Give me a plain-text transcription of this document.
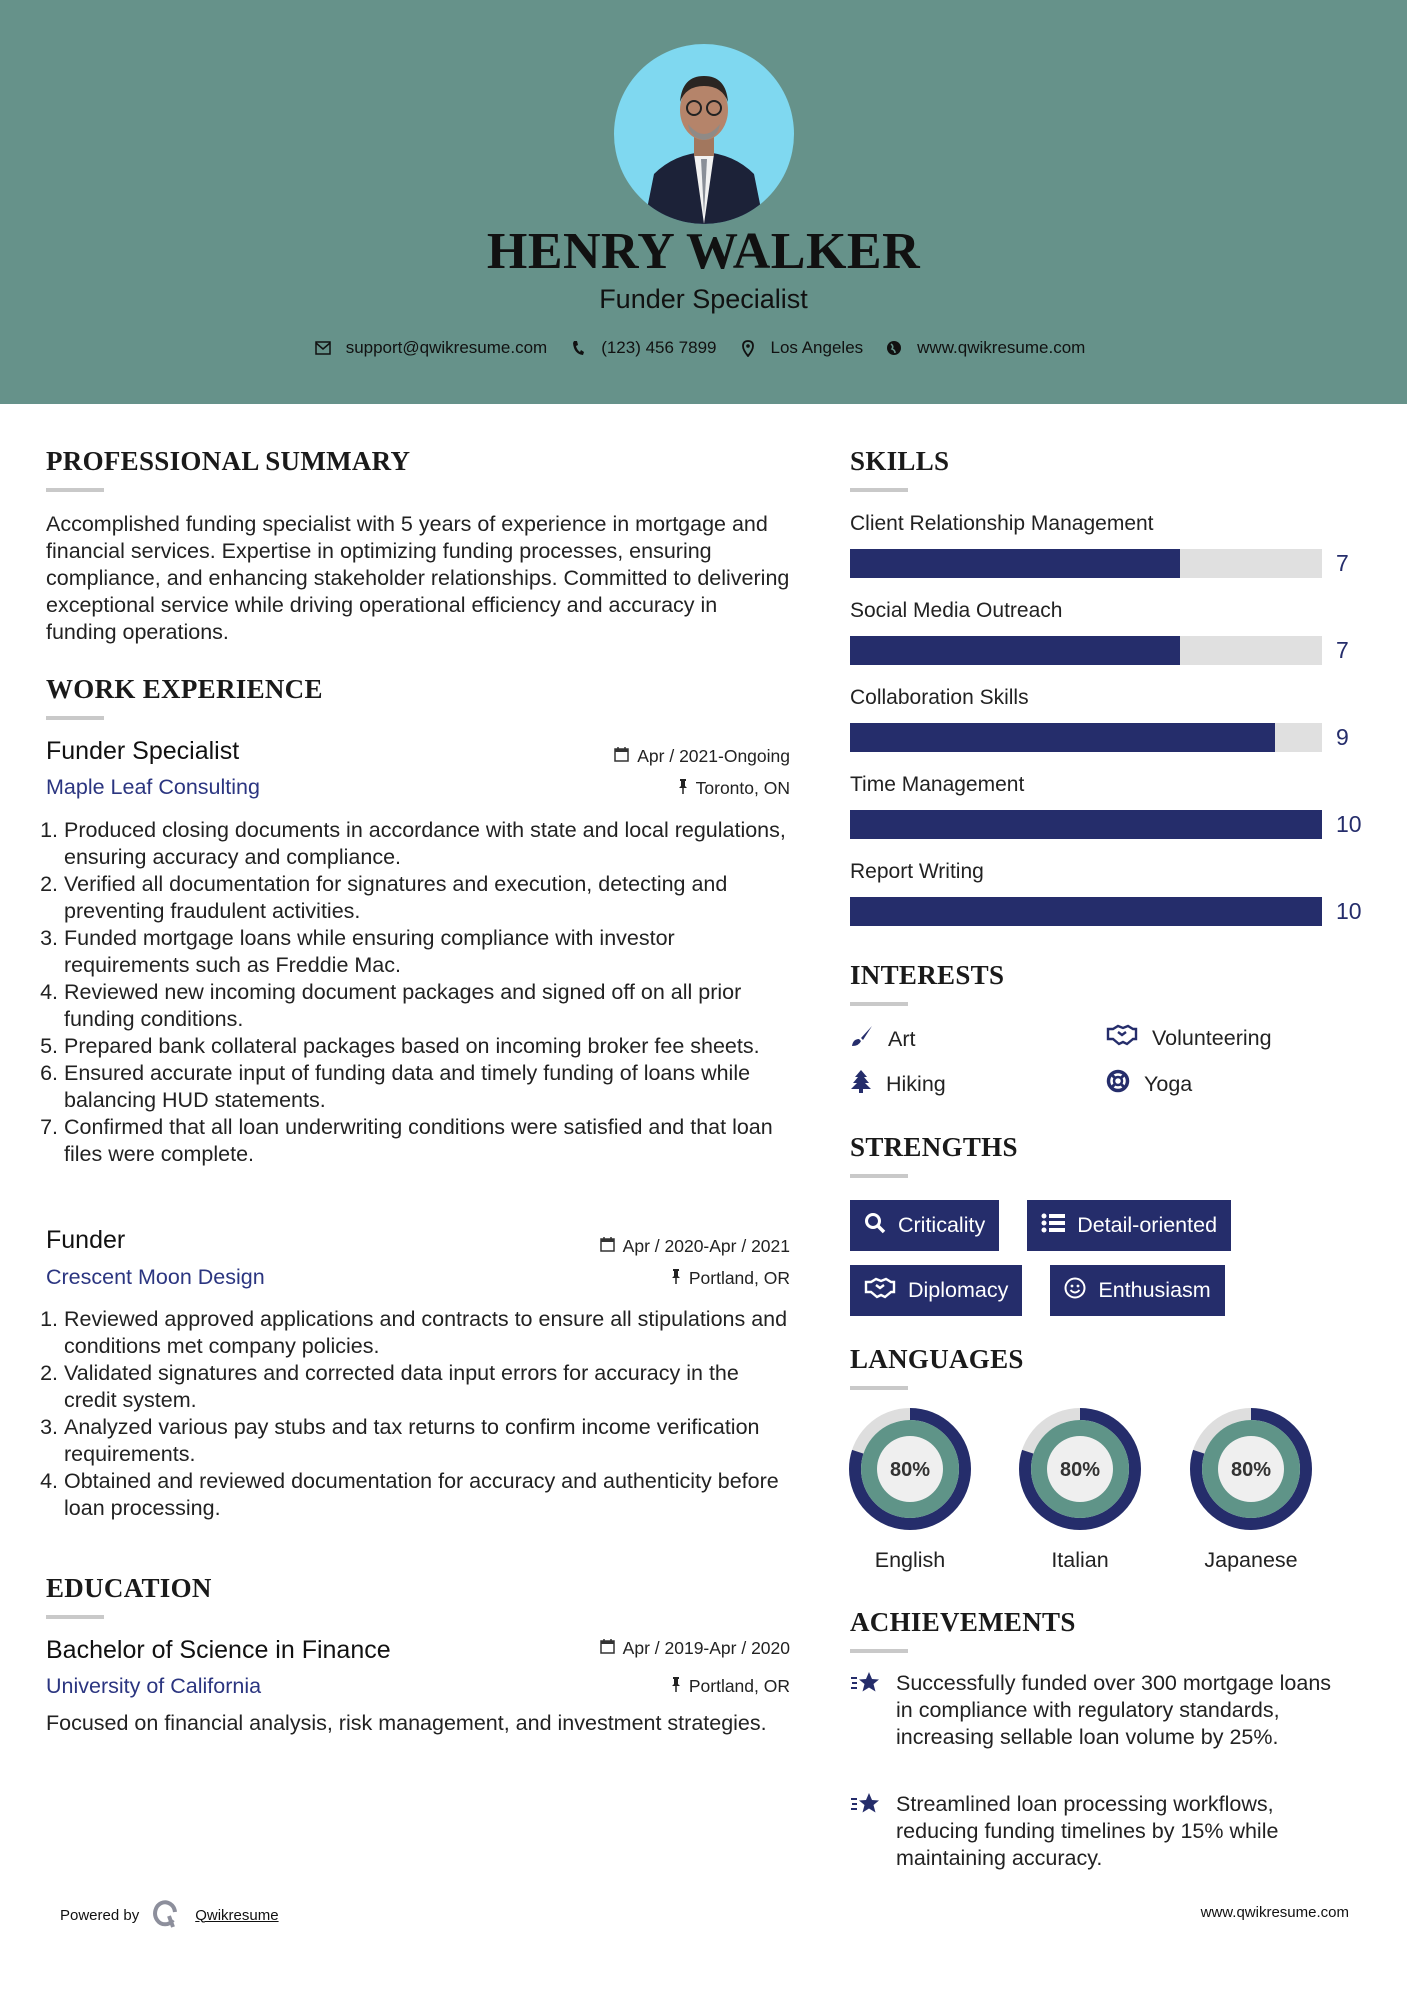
HENRY WALKER
Funder Specialist
support@qwikresume.com	(123) 456 7899	Los Angeles	www.qwikresume.com
PROFESSIONAL SUMMARY
Accomplished funding specialist with 5 years of experience in mortgage and financial services. Expertise in optimizing funding processes, ensuring compliance, and enhancing stakeholder relationships. Committed to delivering exceptional service while driving operational efficiency and accuracy in funding operations.
WORK EXPERIENCE
Funder Specialist	Apr / 2021-Ongoing
Maple Leaf Consulting	Toronto, ON
1. Produced closing documents in accordance with state and local regulations, ensuring accuracy and compliance.
2. Verified all documentation for signatures and execution, detecting and preventing fraudulent activities.
3. Funded mortgage loans while ensuring compliance with investor requirements such as Freddie Mac.
4. Reviewed new incoming document packages and signed off on all prior funding conditions.
5. Prepared bank collateral packages based on incoming broker fee sheets.
6. Ensured accurate input of funding data and timely funding of loans while balancing HUD statements.
7. Confirmed that all loan underwriting conditions were satisfied and that loan files were complete.
Funder	Apr / 2020-Apr / 2021
Crescent Moon Design	Portland, OR
1. Reviewed approved applications and contracts to ensure all stipulations and conditions met company policies.
2. Validated signatures and corrected data input errors for accuracy in the credit system.
3. Analyzed various pay stubs and tax returns to confirm income verification requirements.
4. Obtained and reviewed documentation for accuracy and authenticity before loan processing.
EDUCATION
Bachelor of Science in Finance	Apr / 2019-Apr / 2020
University of California	Portland, OR
Focused on financial analysis, risk management, and investment strategies.
SKILLS
Client Relationship Management
7
Social Media Outreach
7
Collaboration Skills
9
Time Management
10
Report Writing
10
INTERESTS
Art	Volunteering
Hiking	Yoga
STRENGTHS
Criticality	Detail-oriented
Diplomacy	Enthusiasm
LANGUAGES
80%
English
80%
Italian
80%
Japanese
ACHIEVEMENTS
Successfully funded over 300 mortgage loans in compliance with regulatory standards, increasing sellable loan volume by 25%.
Streamlined loan processing workflows, reducing funding timelines by 15% while maintaining accuracy.
Powered by	Qwikresume	www.qwikresume.com
